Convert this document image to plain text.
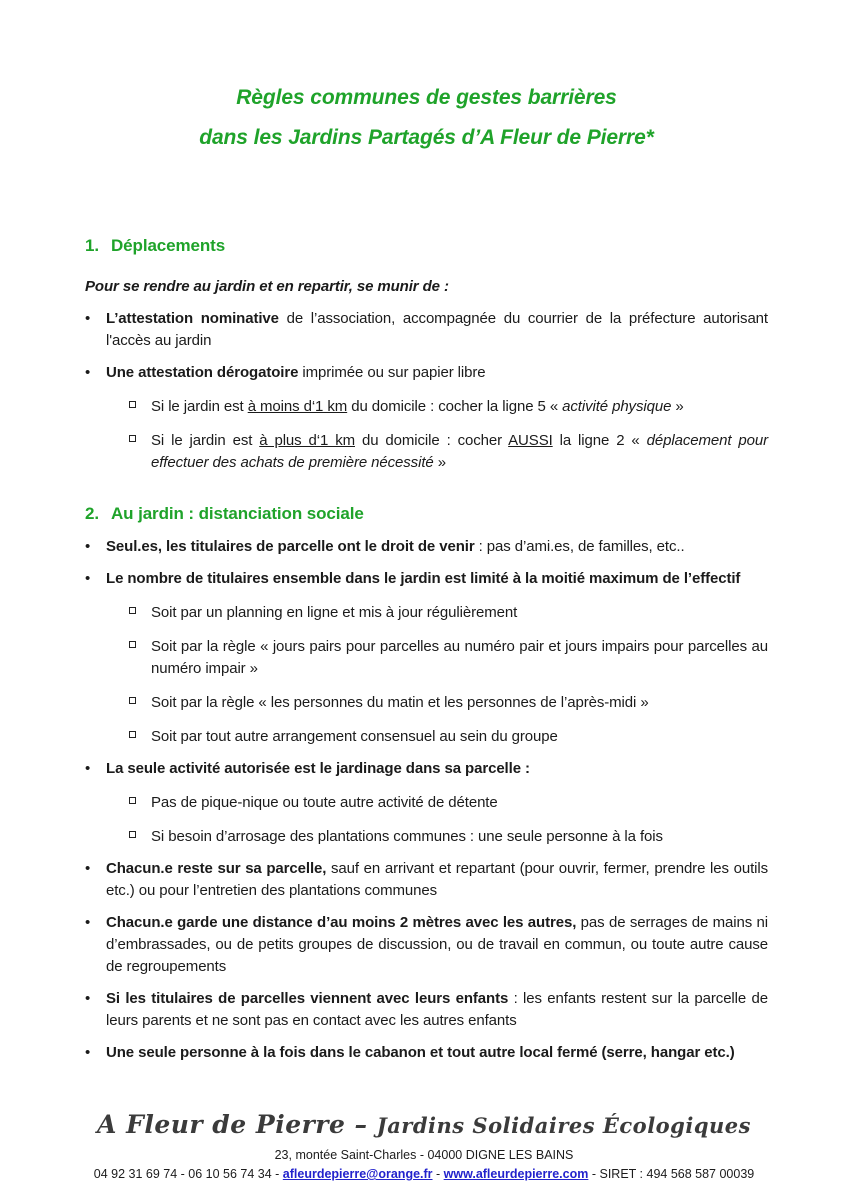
Règles communes de gestes barrières
dans les Jardins Partagés d’A Fleur de Pierre*
1. Déplacements
Pour se rendre au jardin et en repartir, se munir de :
•	L’attestation nominative de l’association, accompagnée du courrier de la préfecture autorisant l'accès au jardin
•	Une attestation dérogatoire imprimée ou sur papier libre
Si le jardin est à moins d‘1 km du domicile : cocher la ligne 5 « activité physique »
Si le jardin est à plus d‘1 km du domicile : cocher AUSSI la ligne 2 « déplacement pour effectuer des achats de première nécessité »
2. Au jardin : distanciation sociale
•	Seul.es, les titulaires de parcelle ont le droit de venir : pas d’ami.es, de familles, etc..
•	Le nombre de titulaires ensemble dans le jardin est limité à la moitié maximum de l’effectif
Soit par un planning en ligne et mis à jour régulièrement
Soit par la règle « jours pairs pour parcelles au numéro pair et jours impairs pour parcelles au numéro impair »
Soit par la règle « les personnes du matin et les personnes de l’après-midi »
Soit par tout autre arrangement consensuel au sein du groupe
•	La seule activité autorisée est le jardinage dans sa parcelle :
Pas de pique-nique ou toute autre activité de détente
Si besoin d’arrosage des plantations communes : une seule personne à la fois
•	Chacun.e reste sur sa parcelle, sauf en arrivant et repartant (pour ouvrir, fermer, prendre les outils etc.) ou pour l’entretien des plantations communes
•	Chacun.e garde une distance d’au moins 2 mètres avec les autres, pas de serrages de mains ni d’embrassades, ou de petits groupes de discussion, ou de travail en commun, ou toute autre cause de regroupements
•	Si les titulaires de parcelles viennent avec leurs enfants : les enfants restent sur la parcelle de leurs parents et ne sont pas en contact avec les autres enfants
•	Une seule personne à la fois dans le cabanon et tout autre local fermé (serre, hangar etc.)
A Fleur de Pierre – Jardins Solidaires Écologiques
23, montée Saint-Charles - 04000 DIGNE LES BAINS
04 92 31 69 74 - 06 10 56 74 34 - afleurdepierre@orange.fr - www.afleurdepierre.com - SIRET : 494 568 587 00039
